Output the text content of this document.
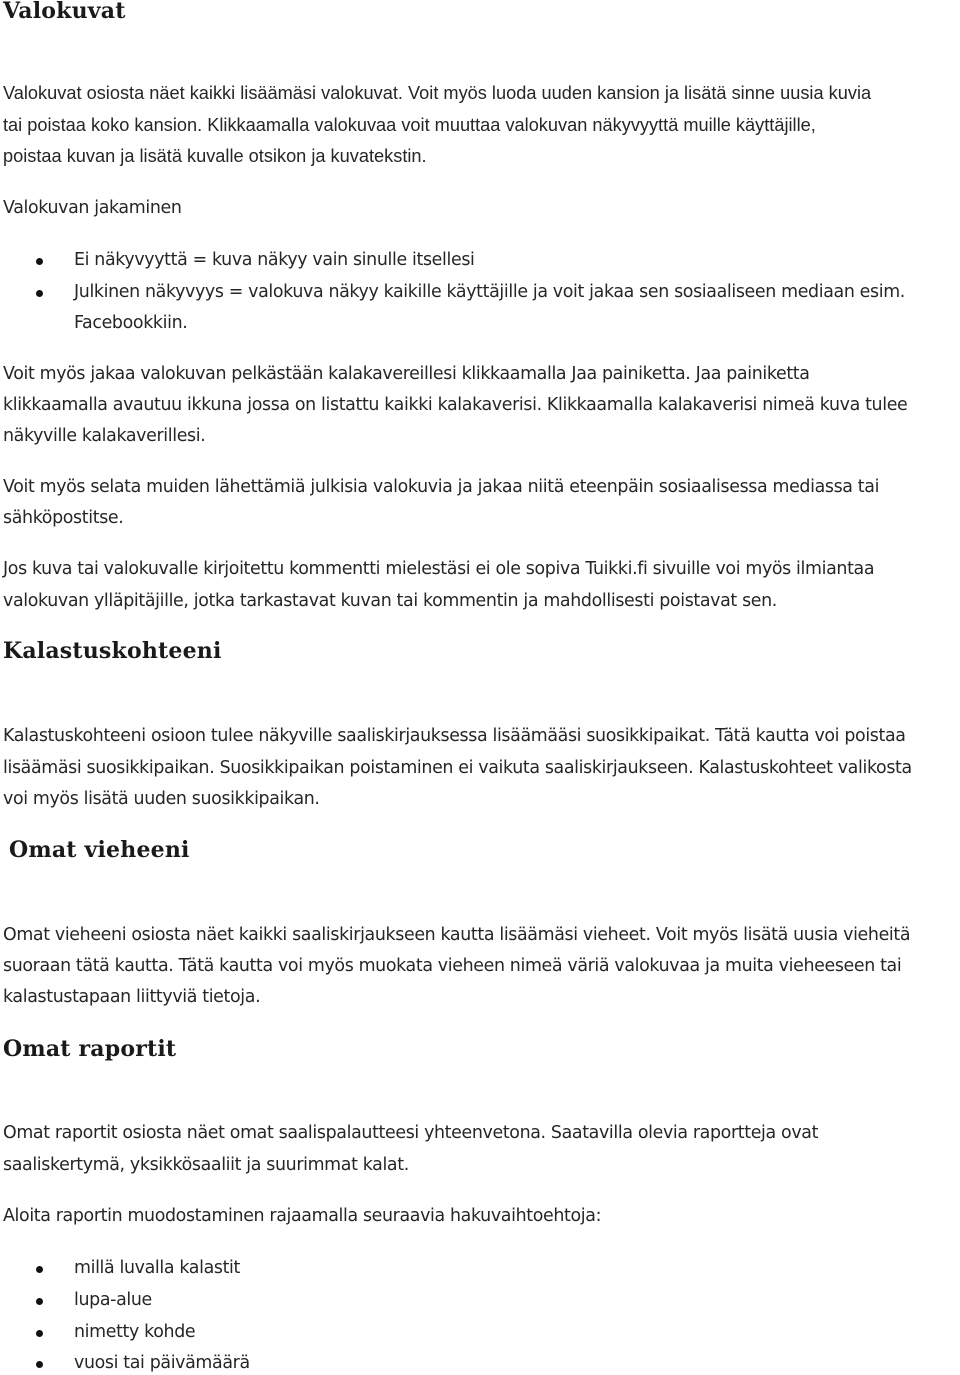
Valokuvat
Valokuvat osiosta näet kaikki lisäämäsi valokuvat. Voit myös luoda uuden kansion ja lisätä sinne uusia kuvia
tai poistaa koko kansion. Klikkaamalla valokuvaa voit muuttaa valokuvan näkyvyyttä muille käyttäjille,
poistaa kuvan ja lisätä kuvalle otsikon ja kuvatekstin.
Valokuvan jakaminen
Ei näkyvyyttä = kuva näkyy vain sinulle itsellesi
Julkinen näkyvyys = valokuva näkyy kaikille käyttäjille ja voit jakaa sen sosiaaliseen mediaan esim.
Facebookkiin.
Voit myös jakaa valokuvan pelkästään kalakavereillesi klikkaamalla Jaa painiketta. Jaa painiketta
klikkaamalla avautuu ikkuna jossa on listattu kaikki kalakaverisi. Klikkaamalla kalakaverisi nimeä kuva tulee
näkyville kalakaverillesi.
Voit myös selata muiden lähettämiä julkisia valokuvia ja jakaa niitä eteenpäin sosiaalisessa mediassa tai
sähköpostitse.
Jos kuva tai valokuvalle kirjoitettu kommentti mielestäsi ei ole sopiva Tuikki.fi sivuille voi myös ilmiantaa
valokuvan ylläpitäjille, jotka tarkastavat kuvan tai kommentin ja mahdollisesti poistavat sen.
Kalastuskohteeni
Kalastuskohteeni osioon tulee näkyville saaliskirjauksessa lisäämääsi suosikkipaikat. Tätä kautta voi poistaa
lisäämäsi suosikkipaikan. Suosikkipaikan poistaminen ei vaikuta saaliskirjaukseen. Kalastuskohteet valikosta
voi myös lisätä uuden suosikkipaikan.
Omat vieheeni
Omat vieheeni osiosta näet kaikki saaliskirjaukseen kautta lisäämäsi vieheet. Voit myös lisätä uusia vieheitä
suoraan tätä kautta. Tätä kautta voi myös muokata vieheen nimeä väriä valokuvaa ja muita vieheeseen tai
kalastustapaan liittyviä tietoja.
Omat raportit
Omat raportit osiosta näet omat saalispalautteesi yhteenvetona. Saatavilla olevia raportteja ovat
saaliskertymä, yksikkösaaliit ja suurimmat kalat.
Aloita raportin muodostaminen rajaamalla seuraavia hakuvaihtoehtoja:
millä luvalla kalastit
lupa-alue
nimetty kohde
vuosi tai päivämäärä
